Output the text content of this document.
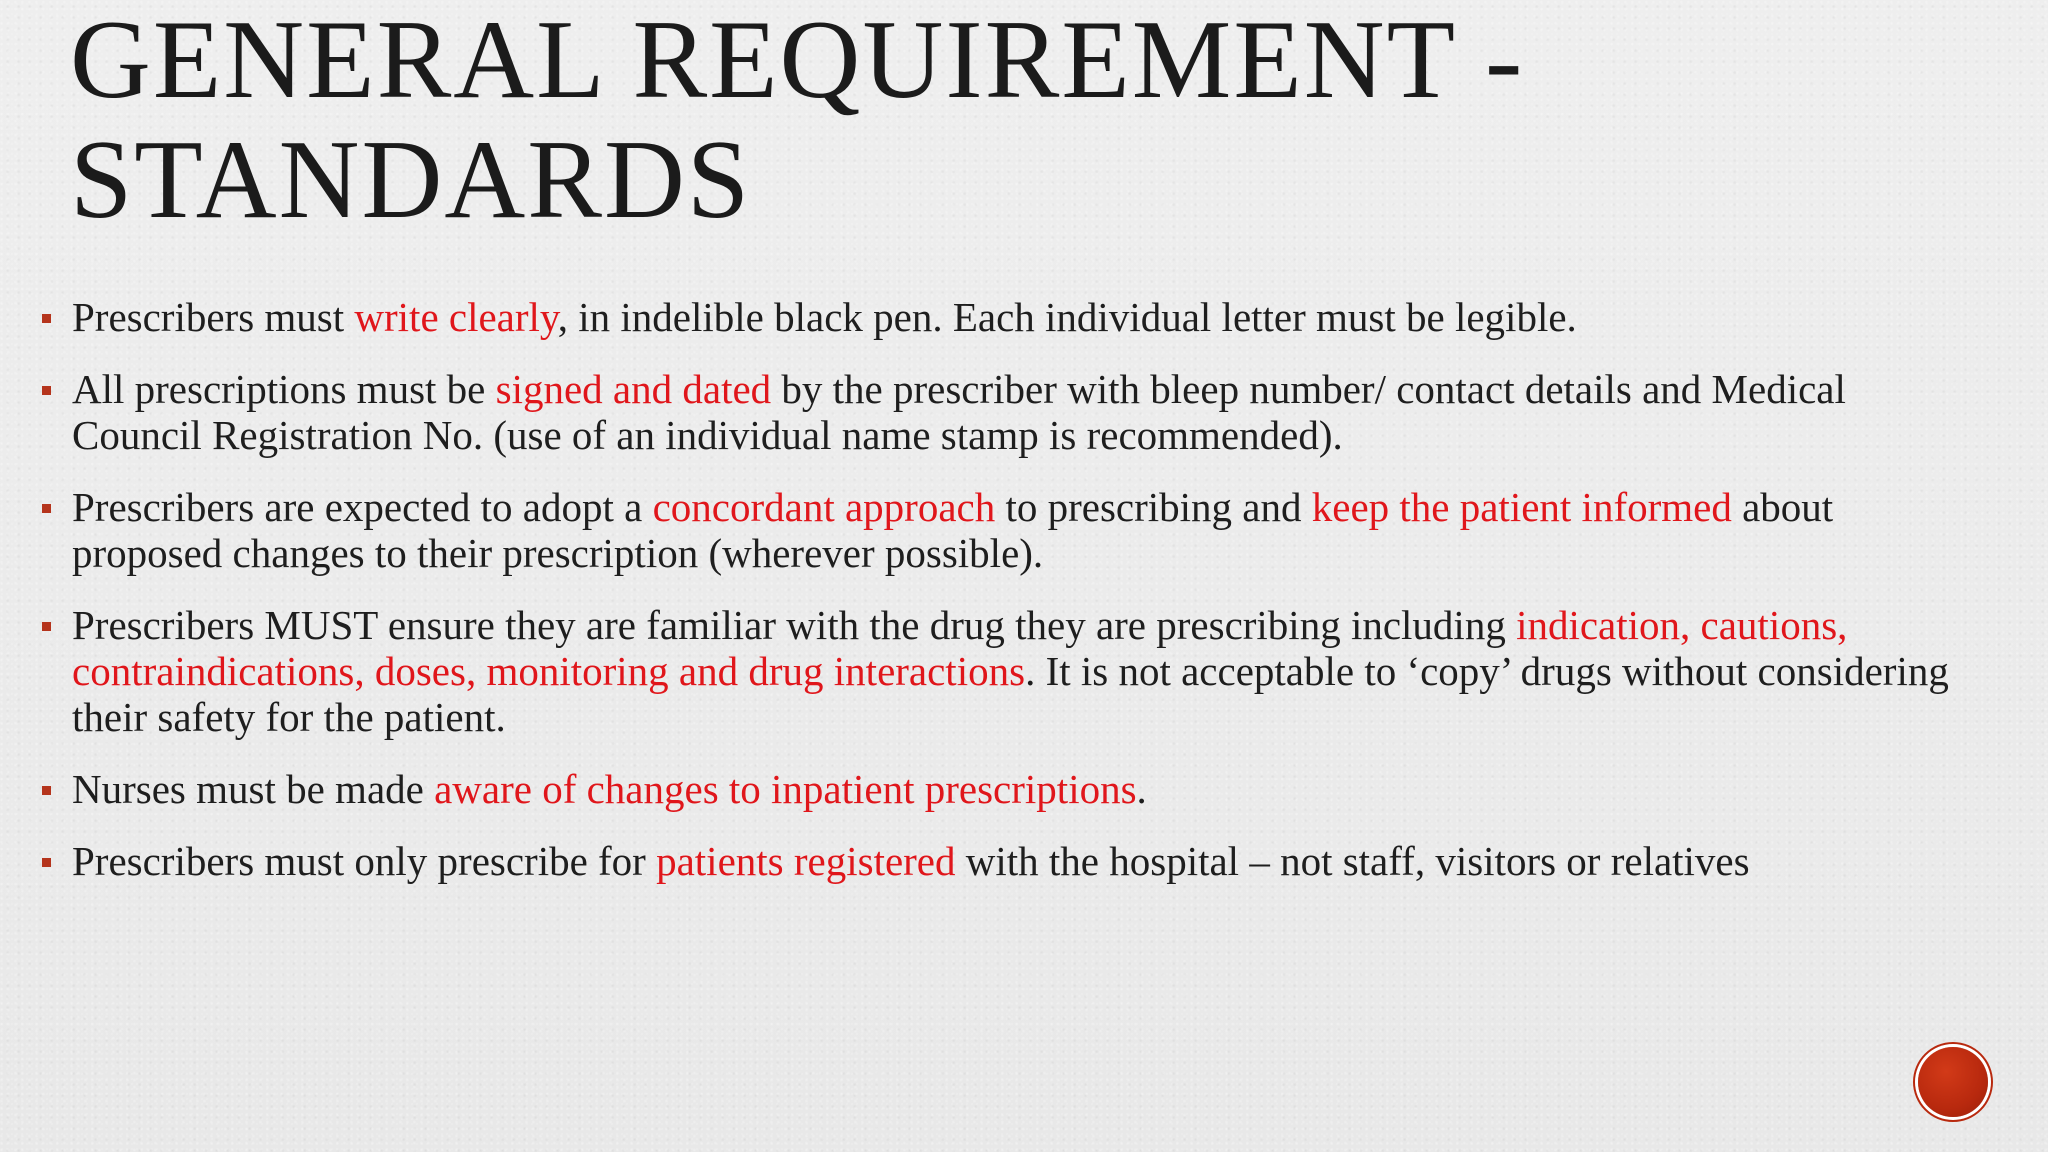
GENERAL REQUIREMENT -
STANDARDS
Prescribers must write clearly, in indelible black pen. Each individual letter must be legible.
All prescriptions must be signed and dated by the prescriber with bleep number/ contact details and Medical Council Registration No. (use of an individual name stamp is recommended).
Prescribers are expected to adopt a concordant approach to prescribing and keep the patient informed about proposed changes to their prescription (wherever possible).
Prescribers MUST ensure they are familiar with the drug they are prescribing including indication, cautions, contraindications, doses, monitoring and drug interactions. It is not acceptable to ‘copy’ drugs without considering their safety for the patient.
Nurses must be made aware of changes to inpatient prescriptions.
Prescribers must only prescribe for patients registered with the hospital – not staff, visitors or relatives
